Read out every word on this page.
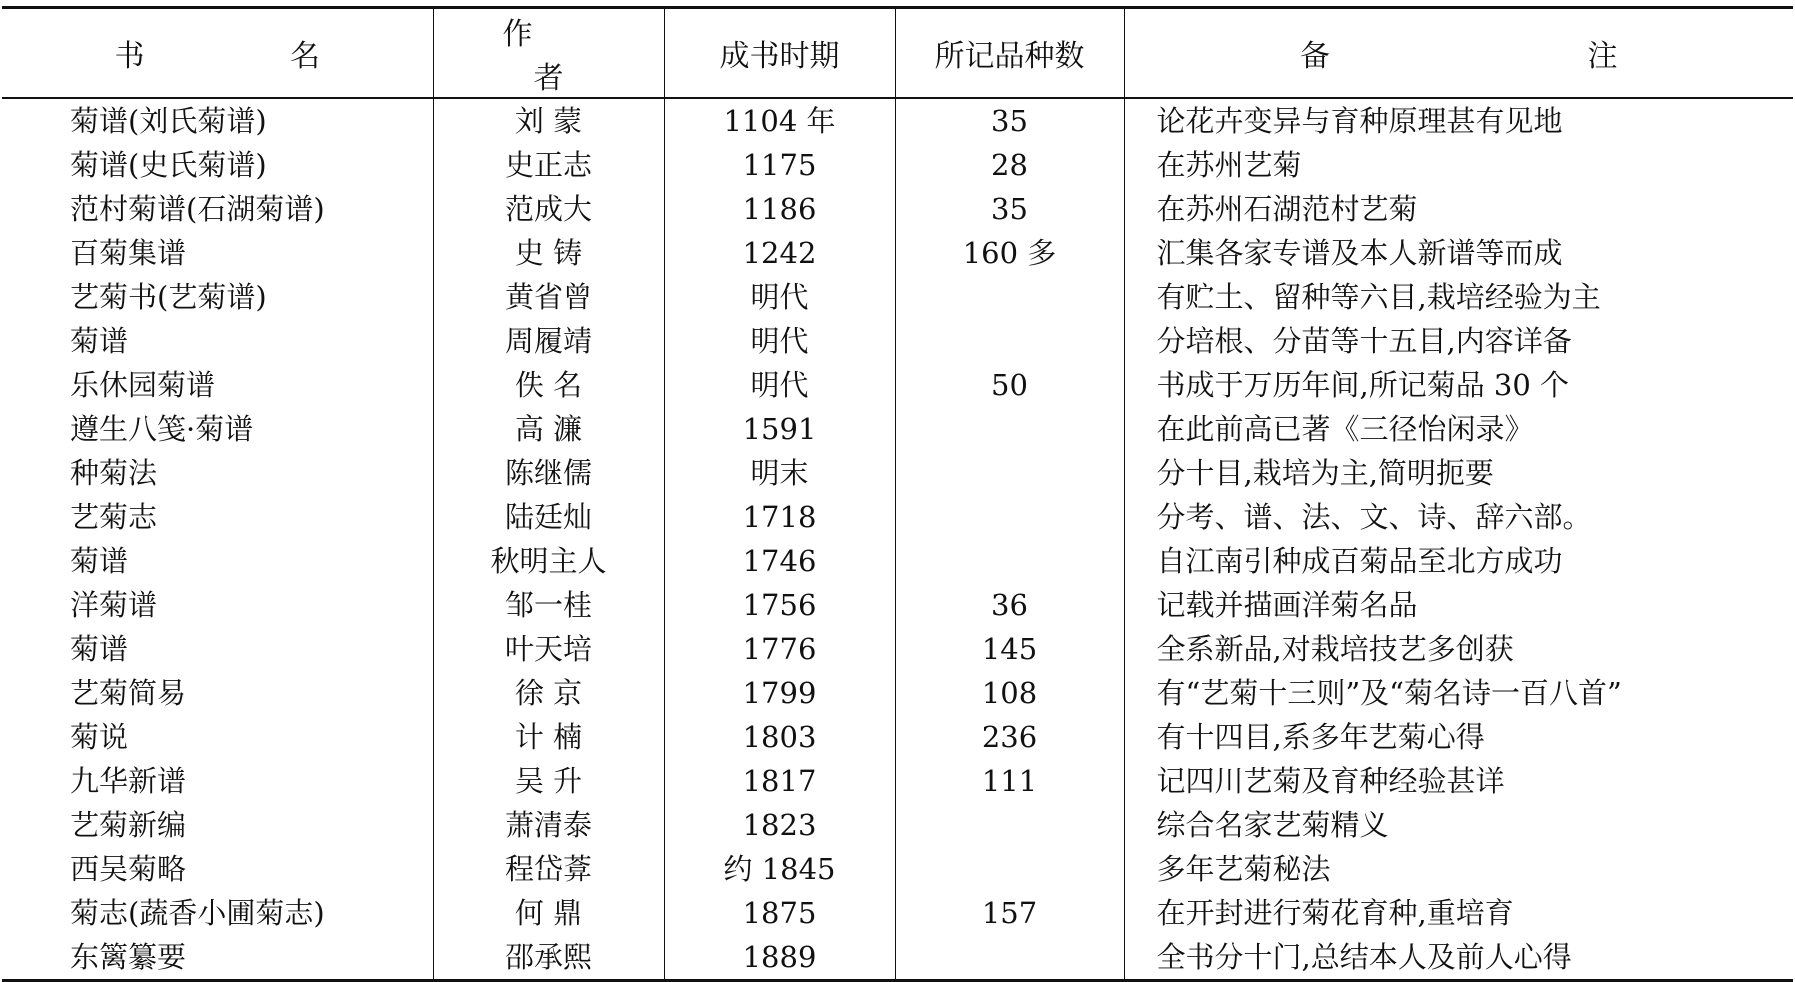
书 名	作 者	成书时期	所记品种数	备 注
菊谱(刘氏菊谱)	刘 蒙	1104 年	35	论花卉变异与育种原理甚有见地
菊谱(史氏菊谱)	史正志	1175	28	在苏州艺菊
范村菊谱(石湖菊谱)	范成大	1186	35	在苏州石湖范村艺菊
百菊集谱	史 铸	1242	160 多	汇集各家专谱及本人新谱等而成
艺菊书(艺菊谱)	黄省曾	明代		有贮土、留种等六目,栽培经验为主
菊谱	周履靖	明代		分培根、分苗等十五目,内容详备
乐休园菊谱	佚 名	明代	50	书成于万历年间,所记菊品 30 个
遵生八笺·菊谱	高 濂	1591		在此前高已著《三径怡闲录》
种菊法	陈继儒	明末		分十目,栽培为主,简明扼要
艺菊志	陆廷灿	1718		分考、谱、法、文、诗、辞六部。
菊谱	秋明主人	1746		自江南引种成百菊品至北方成功
洋菊谱	邹一桂	1756	36	记载并描画洋菊名品
菊谱	叶天培	1776	145	全系新品,对栽培技艺多创获
艺菊简易	徐 京	1799	108	有“艺菊十三则”及“菊名诗一百八首”
菊说	计 楠	1803	236	有十四目,系多年艺菊心得
九华新谱	吴 升	1817	111	记四川艺菊及育种经验甚详
艺菊新编	萧清泰	1823		综合名家艺菊精义
西吴菊略	程岱葊	约 1845		多年艺菊秘法
菊志(蔬香小圃菊志)	何 鼎	1875	157	在开封进行菊花育种,重培育
东篱纂要	邵承熙	1889		全书分十门,总结本人及前人心得
